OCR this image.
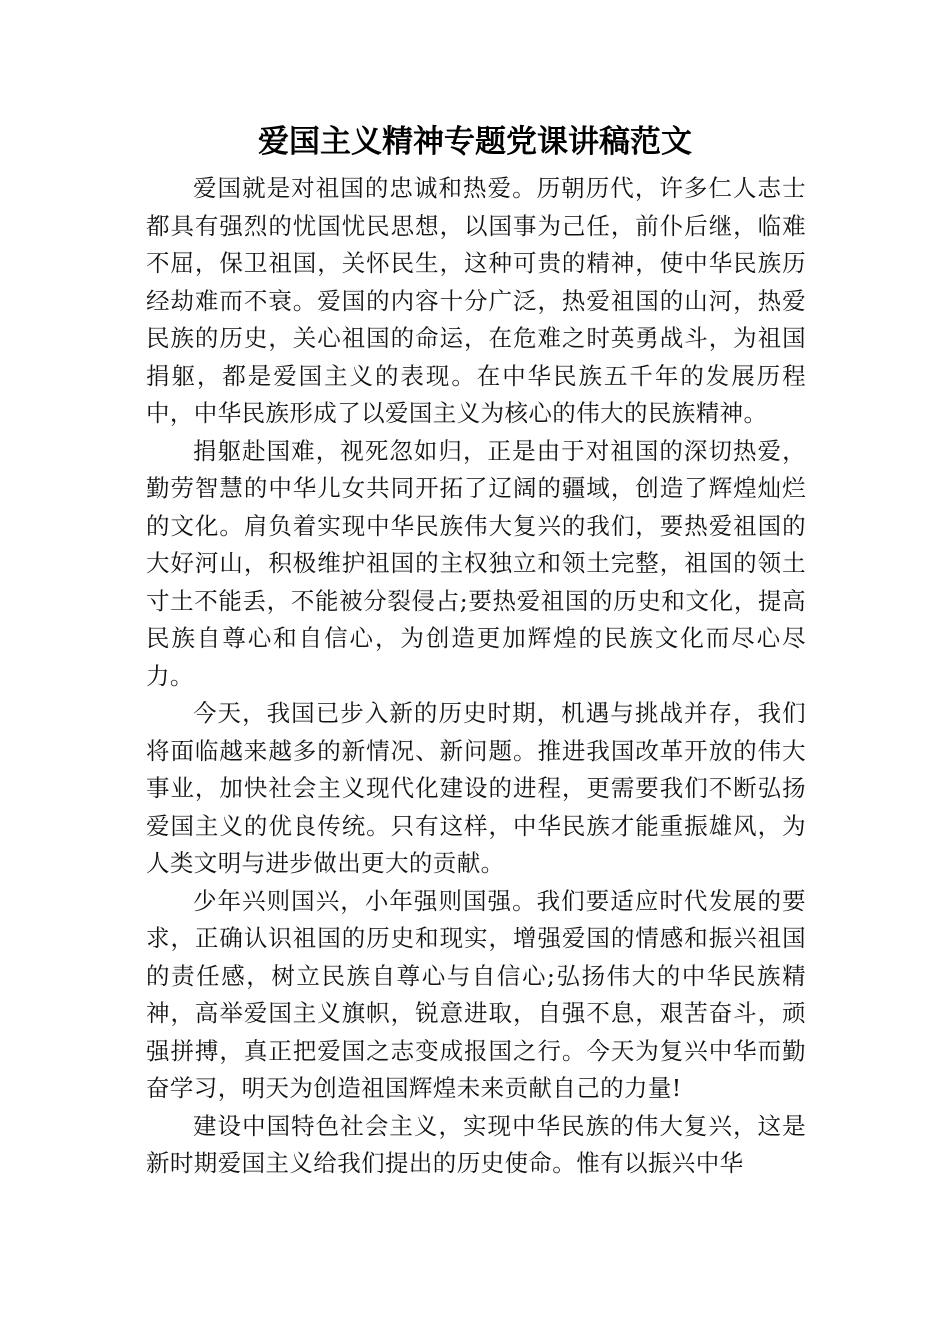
爱国主义精神专题党课讲稿范文

爱国就是对祖国的忠诚和热爱。历朝历代，许多仁人志士都具有强烈的忧国忧民思想，以国事为己任，前仆后继，临难不屈，保卫祖国，关怀民生，这种可贵的精神，使中华民族历经劫难而不衰。爱国的内容十分广泛，热爱祖国的山河，热爱民族的历史，关心祖国的命运，在危难之时英勇战斗，为祖国捐躯，都是爱国主义的表现。在中华民族五千年的发展历程中，中华民族形成了以爱国主义为核心的伟大的民族精神。

捐躯赴国难，视死忽如归，正是由于对祖国的深切热爱，勤劳智慧的中华儿女共同开拓了辽阔的疆域，创造了辉煌灿烂的文化。肩负着实现中华民族伟大复兴的我们，要热爱祖国的大好河山，积极维护祖国的主权独立和领土完整，祖国的领土寸土不能丢，不能被分裂侵占;要热爱祖国的历史和文化，提高民族自尊心和自信心，为创造更加辉煌的民族文化而尽心尽力。

今天，我国已步入新的历史时期，机遇与挑战并存，我们将面临越来越多的新情况、新问题。推进我国改革开放的伟大事业，加快社会主义现代化建设的进程，更需要我们不断弘扬爱国主义的优良传统。只有这样，中华民族才能重振雄风，为人类文明与进步做出更大的贡献。

少年兴则国兴，小年强则国强。我们要适应时代发展的要求，正确认识祖国的历史和现实，增强爱国的情感和振兴祖国的责任感，树立民族自尊心与自信心;弘扬伟大的中华民族精神，高举爱国主义旗帜，锐意进取，自强不息，艰苦奋斗，顽强拼搏，真正把爱国之志变成报国之行。今天为复兴中华而勤奋学习，明天为创造祖国辉煌未来贡献自己的力量!

建设中国特色社会主义，实现中华民族的伟大复兴，这是新时期爱国主义给我们提出的历史使命。惟有以振兴中华
